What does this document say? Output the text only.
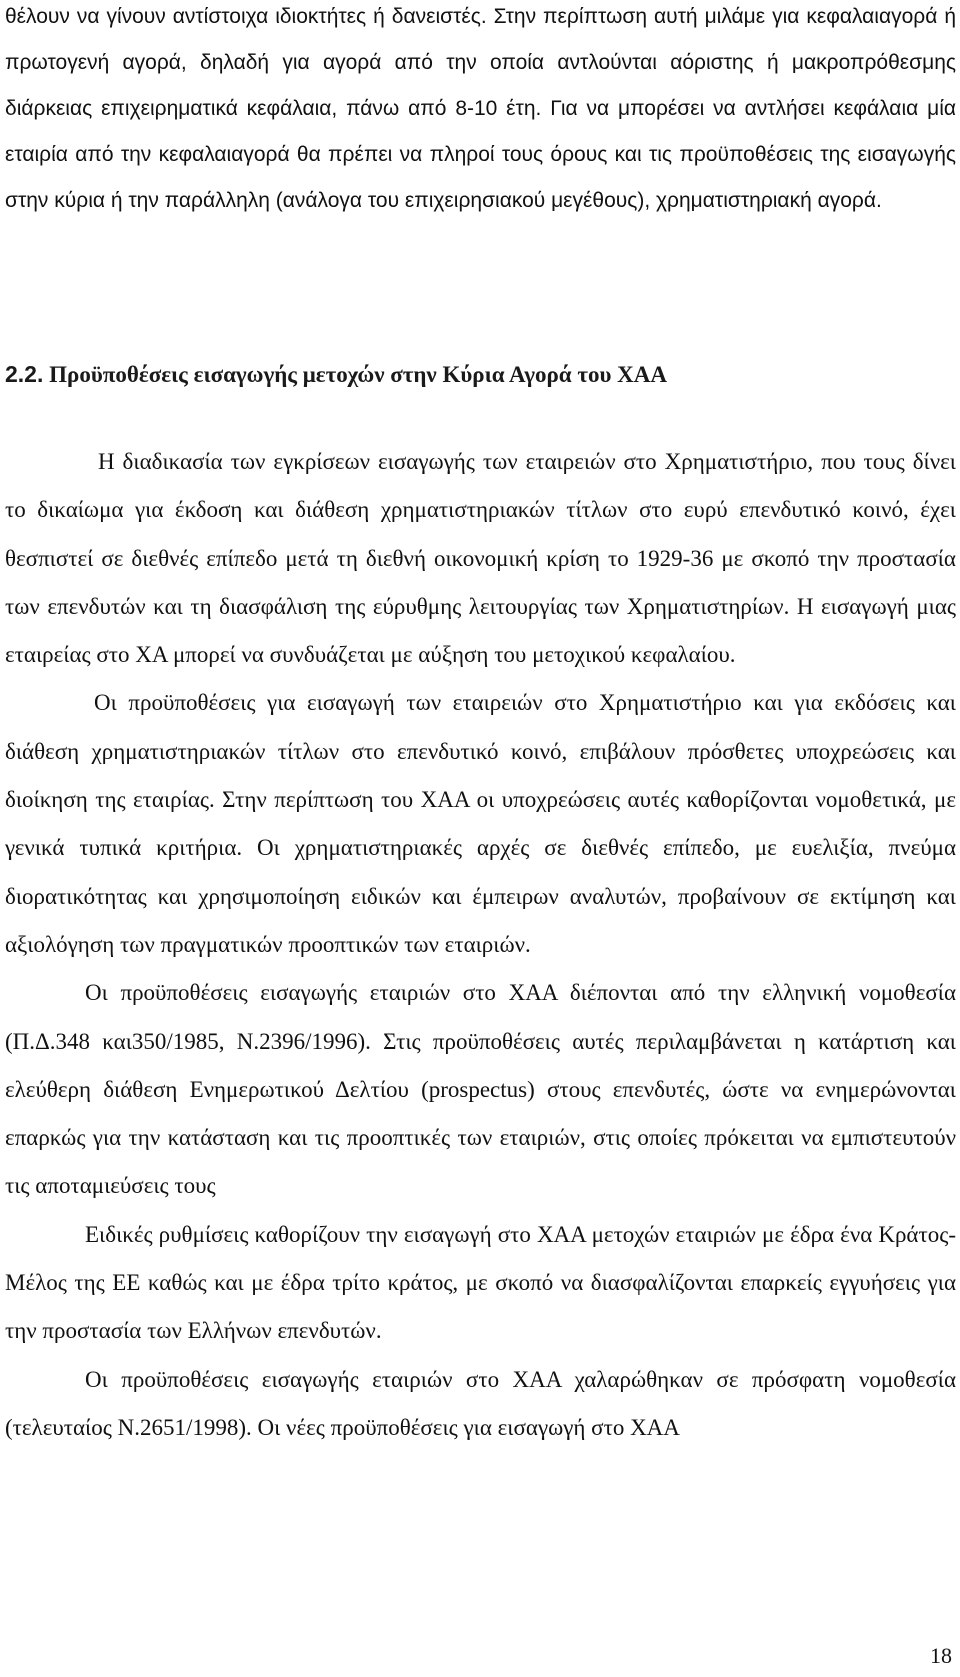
θέλουν να γίνουν αντίστοιχα ιδιοκτήτες ή δανειστές. Στην περίπτωση αυτή μιλάμε για κεφαλαιαγορά ή πρωτογενή αγορά, δηλαδή για αγορά από την οποία αντλούνται αόριστης ή μακροπρόθεσμης διάρκειας επιχειρηματικά κεφάλαια, πάνω από 8-10 έτη. Για να μπορέσει να αντλήσει κεφάλαια μία εταιρία από την κεφαλαιαγορά θα πρέπει να πληροί τους όρους και τις προϋποθέσεις της εισαγωγής στην κύρια ή την παράλληλη (ανάλογα του επιχειρησιακού μεγέθους), χρηματιστηριακή αγορά.

2.2. Προϋποθέσεις εισαγωγής μετοχών στην Κύρια Αγορά του ΧΑΑ

Η διαδικασία των εγκρίσεων εισαγωγής των εταιρειών στο Χρηματιστήριο, που τους δίνει το δικαίωμα για έκδοση και διάθεση χρηματιστηριακών τίτλων στο ευρύ επενδυτικό κοινό, έχει θεσπιστεί σε διεθνές επίπεδο μετά τη διεθνή οικονομική κρίση το 1929-36 με σκοπό την προστασία των επενδυτών και τη διασφάλιση της εύρυθμης λειτουργίας των Χρηματιστηρίων. Η εισαγωγή μιας εταιρείας στο ΧΑ μπορεί να συνδυάζεται με αύξηση του μετοχικού κεφαλαίου.

Οι προϋποθέσεις για εισαγωγή των εταιρειών στο Χρηματιστήριο και για εκδόσεις και διάθεση χρηματιστηριακών τίτλων στο επενδυτικό κοινό, επιβάλουν πρόσθετες υποχρεώσεις και διοίκηση της εταιρίας. Στην περίπτωση του ΧΑΑ οι υποχρεώσεις αυτές καθορίζονται νομοθετικά, με γενικά τυπικά κριτήρια. Οι χρηματιστηριακές αρχές σε διεθνές επίπεδο, με ευελιξία, πνεύμα διορατικότητας και χρησιμοποίηση ειδικών και έμπειρων αναλυτών, προβαίνουν σε εκτίμηση και αξιολόγηση των πραγματικών προοπτικών των εταιριών.

Οι προϋποθέσεις εισαγωγής εταιριών στο ΧΑΑ διέπονται από την ελληνική νομοθεσία (Π.Δ.348 και350/1985, Ν.2396/1996). Στις προϋποθέσεις αυτές περιλαμβάνεται η κατάρτιση και ελεύθερη διάθεση Ενημερωτικού Δελτίου (prospectus) στους επενδυτές, ώστε να ενημερώνονται επαρκώς για την κατάσταση και τις προοπτικές των εταιριών, στις οποίες πρόκειται να εμπιστευτούν τις αποταμιεύσεις τους

Ειδικές ρυθμίσεις καθορίζουν την εισαγωγή στο ΧΑΑ μετοχών εταιριών με έδρα ένα Κράτος-Μέλος της ΕΕ καθώς και με έδρα τρίτο κράτος, με σκοπό να διασφαλίζονται επαρκείς εγγυήσεις για την προστασία των Ελλήνων επενδυτών.

Οι προϋποθέσεις εισαγωγής εταιριών στο ΧΑΑ χαλαρώθηκαν σε πρόσφατη νομοθεσία (τελευταίος Ν.2651/1998). Οι νέες προϋποθέσεις για εισαγωγή στο ΧΑΑ

18
